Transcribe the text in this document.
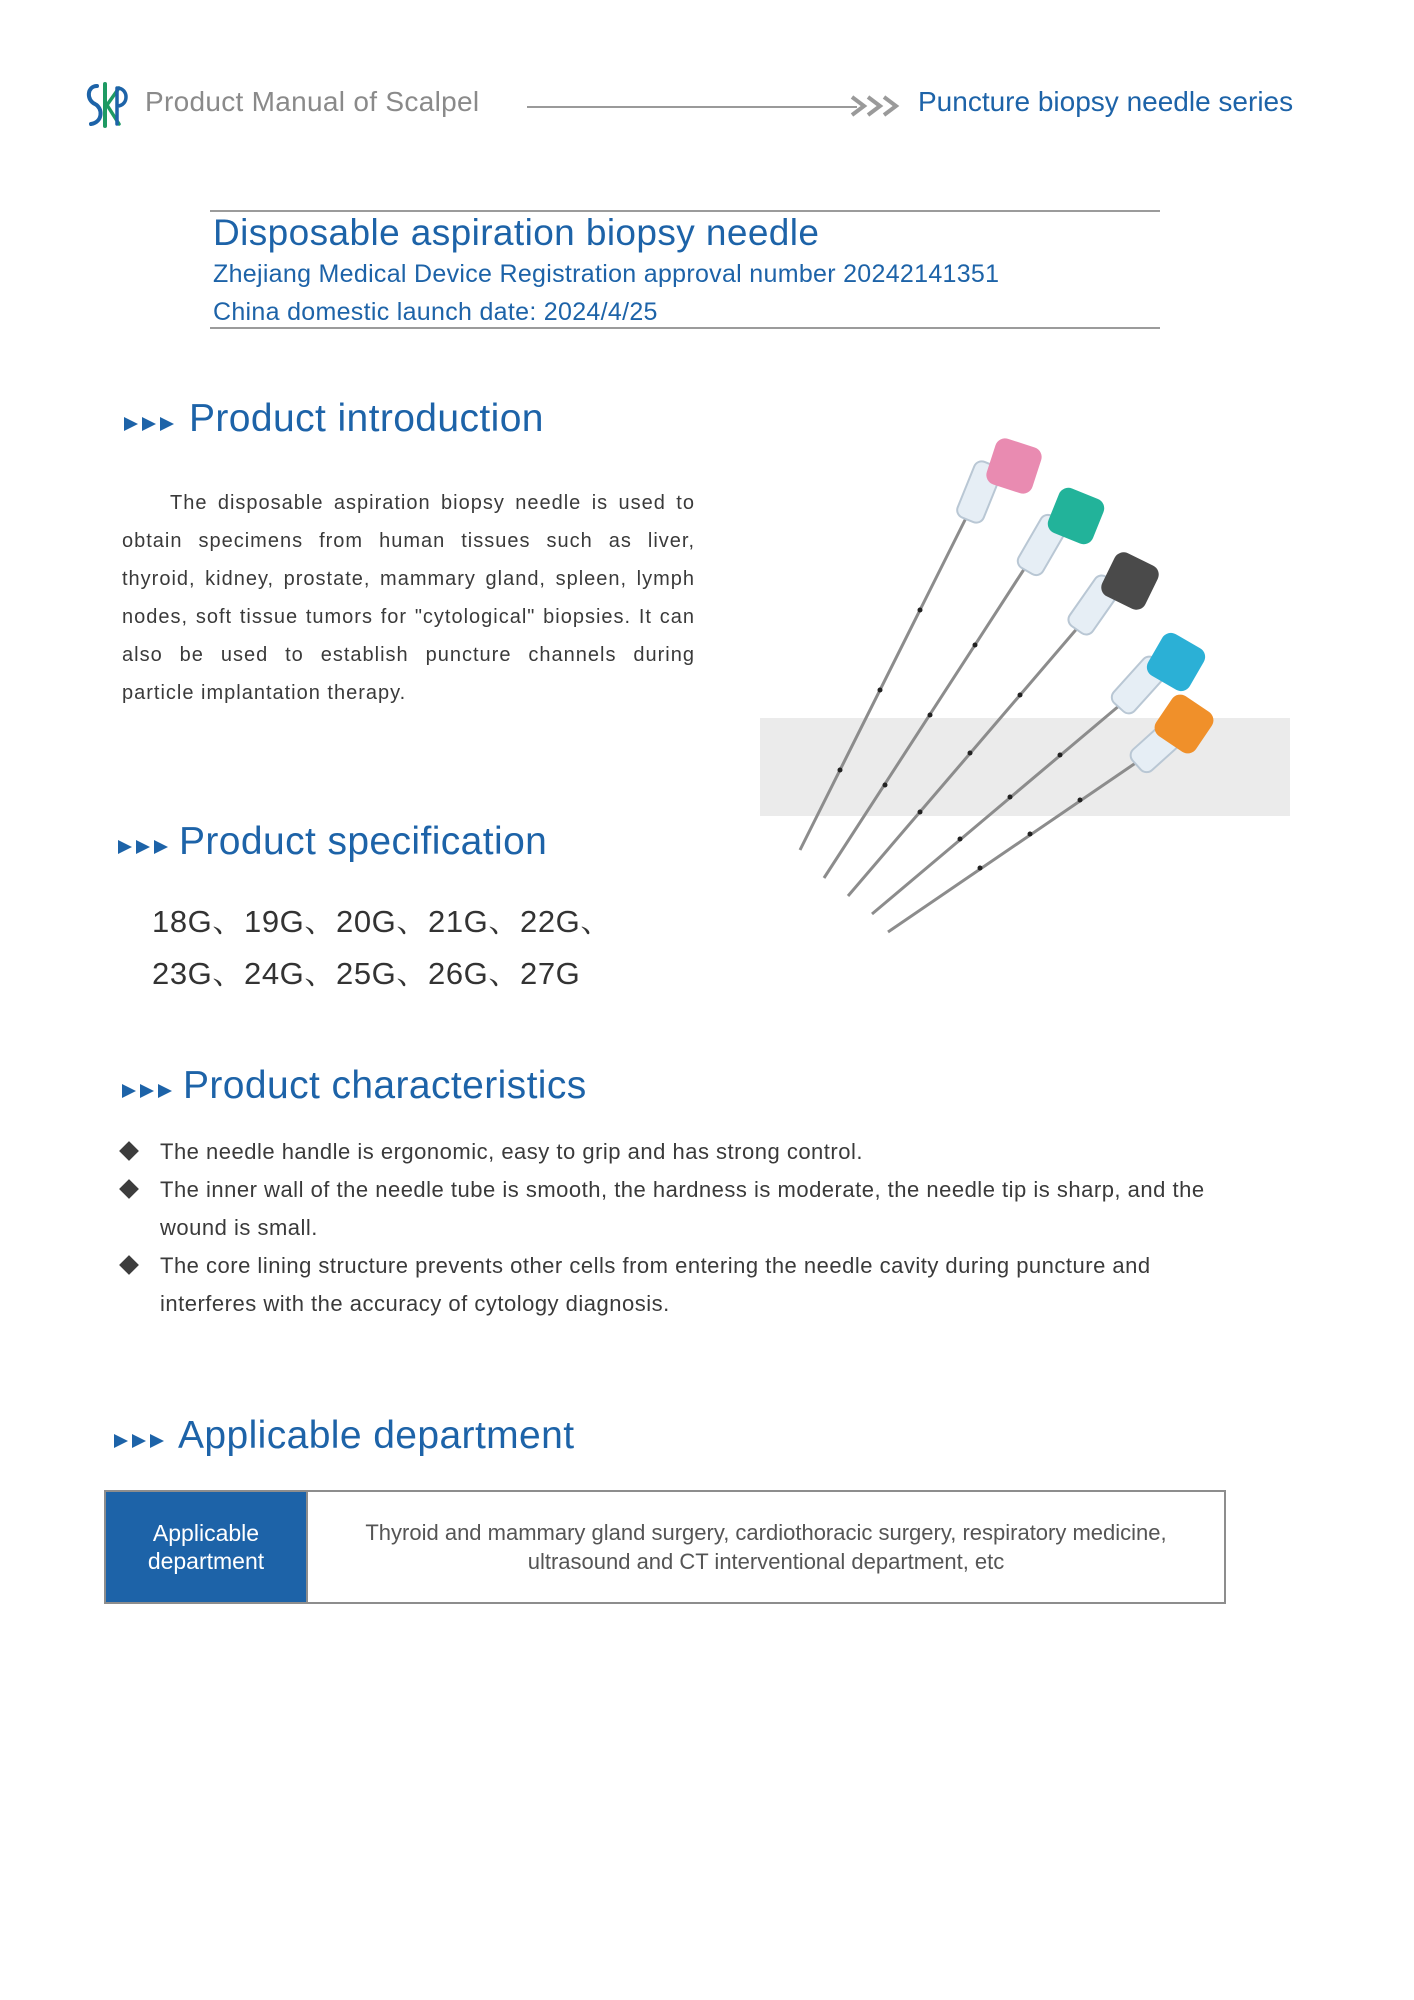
Product Manual of Scalpel	Puncture biopsy needle series
Disposable aspiration biopsy needle
Zhejiang Medical Device Registration approval number 20242141351
China domestic launch date: 2024/4/25
Product introduction

The disposable aspiration biopsy needle is used to obtain specimens from human tissues such as liver, thyroid, kidney, prostate, mammary gland, spleen, lymph nodes, soft tissue tumors for "cytological" biopsies. It can also be used to establish puncture channels during particle implantation therapy.

Product specification
18G、19G、20G、21G、22G、
23G、24G、25G、26G、27G
Product characteristics
The needle handle is ergonomic, easy to grip and has strong control.
The inner wall of the needle tube is smooth, the hardness is moderate, the needle tip is sharp, and the wound is small.
The core lining structure prevents other cells from entering the needle cavity during puncture and interferes with the accuracy of cytology diagnosis.
Applicable department
Applicable department
Thyroid and mammary gland surgery, cardiothoracic surgery, respiratory medicine, ultrasound and CT interventional department, etc
